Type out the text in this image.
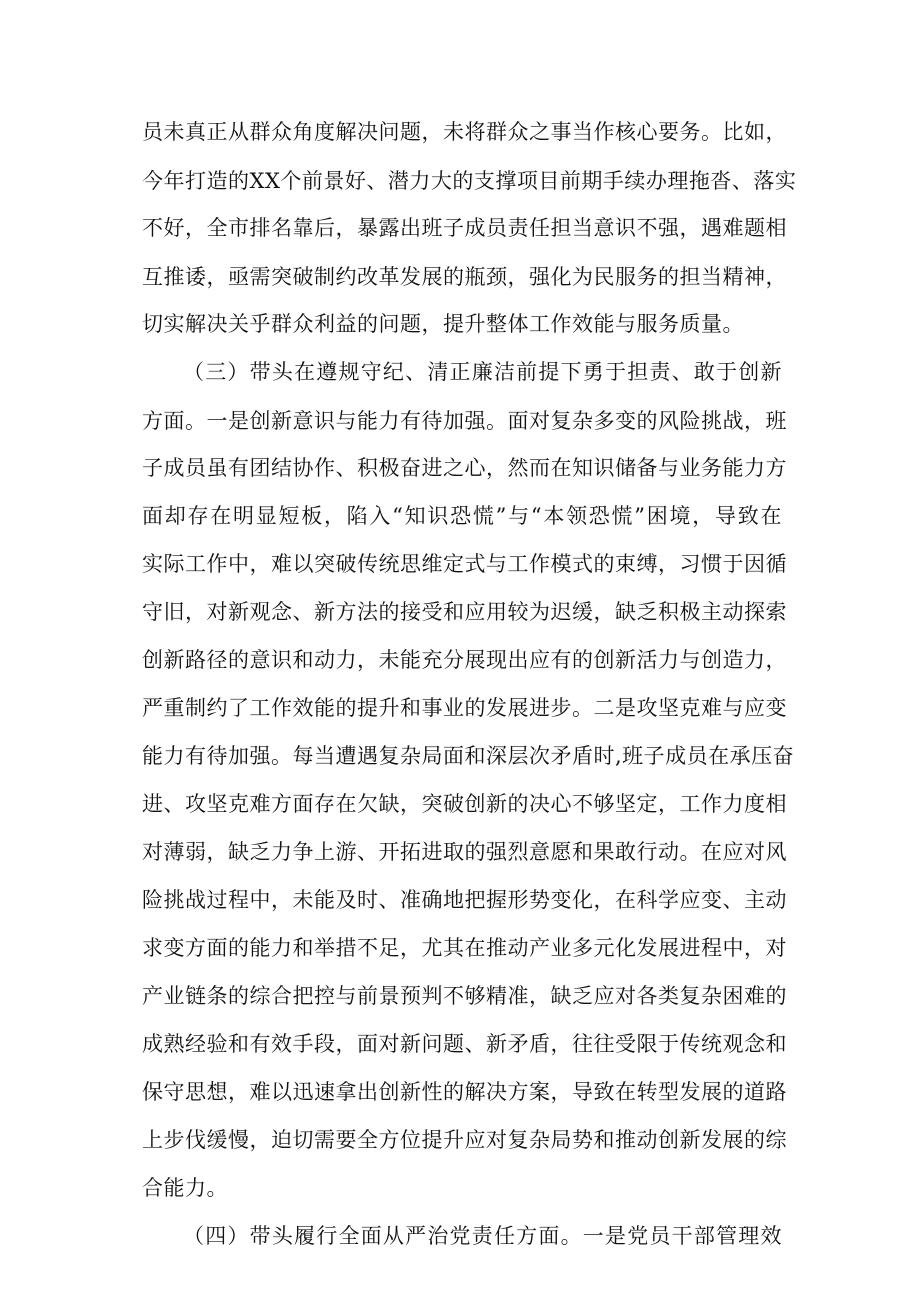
员未真正从群众角度解决问题，未将群众之事当作核心要务。比如，
今年打造的XX个前景好、潜力大的支撑项目前期手续办理拖沓、落实
不好，全市排名靠后，暴露出班子成员责任担当意识不强，遇难题相
互推诿，亟需突破制约改革发展的瓶颈，强化为民服务的担当精神，
切实解决关乎群众利益的问题，提升整体工作效能与服务质量。
（三）带头在遵规守纪、清正廉洁前提下勇于担责、敢于创新
方面。一是创新意识与能力有待加强。面对复杂多变的风险挑战，班
子成员虽有团结协作、积极奋进之心，然而在知识储备与业务能力方
面却存在明显短板，陷入“知识恐慌”与“本领恐慌”困境，导致在
实际工作中，难以突破传统思维定式与工作模式的束缚，习惯于因循
守旧，对新观念、新方法的接受和应用较为迟缓，缺乏积极主动探索
创新路径的意识和动力，未能充分展现出应有的创新活力与创造力，
严重制约了工作效能的提升和事业的发展进步。二是攻坚克难与应变
能力有待加强。每当遭遇复杂局面和深层次矛盾时,班子成员在承压奋
进、攻坚克难方面存在欠缺，突破创新的决心不够坚定，工作力度相
对薄弱，缺乏力争上游、开拓进取的强烈意愿和果敢行动。在应对风
险挑战过程中，未能及时、准确地把握形势变化，在科学应变、主动
求变方面的能力和举措不足，尤其在推动产业多元化发展进程中，对
产业链条的综合把控与前景预判不够精准，缺乏应对各类复杂困难的
成熟经验和有效手段，面对新问题、新矛盾，往往受限于传统观念和
保守思想，难以迅速拿出创新性的解决方案，导致在转型发展的道路
上步伐缓慢，迫切需要全方位提升应对复杂局势和推动创新发展的综
合能力。
（四）带头履行全面从严治党责任方面。一是党员干部管理效
